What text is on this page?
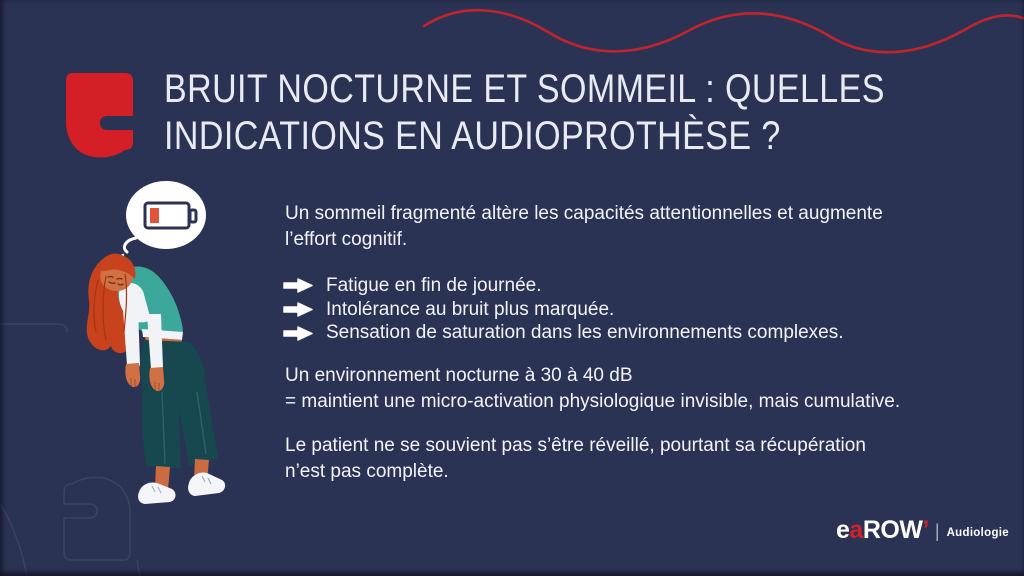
BRUIT NOCTURNE ET SOMMEIL : QUELLES
INDICATIONS EN AUDIOPROTHÈSE ?

Un sommeil fragmenté altère les capacités attentionnelles et augmente
l’effort cognitif.

Fatigue en fin de journée.
Intolérance au bruit plus marquée.
Sensation de saturation dans les environnements complexes.

Un environnement nocturne à 30 à 40 dB
= maintient une micro-activation physiologique invisible, mais cumulative.

Le patient ne se souvient pas s’être réveillé, pourtant sa récupération
n’est pas complète.

eaROW’ | Audiologie
